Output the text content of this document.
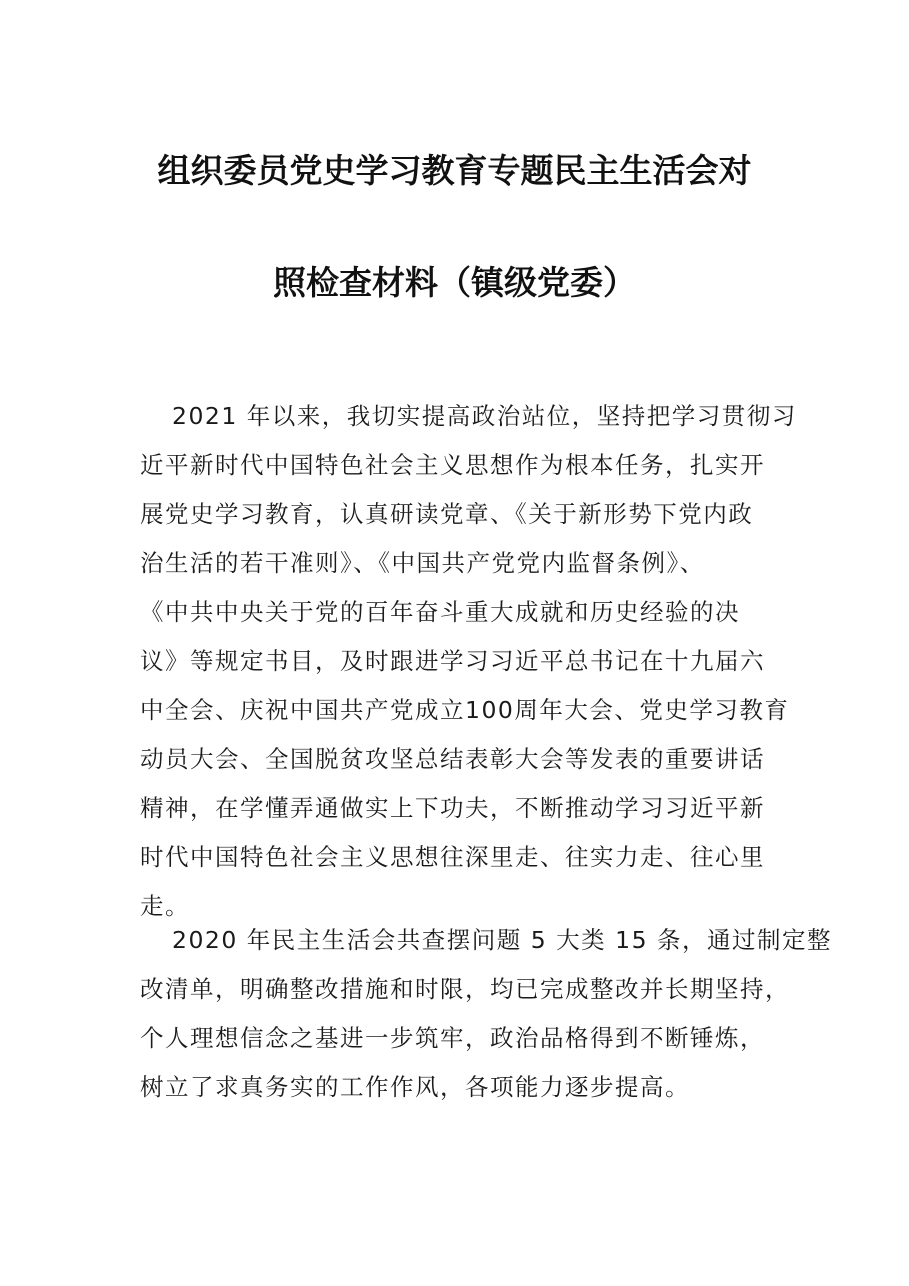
组织委员党史学习教育专题民主生活会对
照检查材料（镇级党委）
2021 年以来，我切实提高政治站位，坚持把学习贯彻习
近平新时代中国特色社会主义思想作为根本任务，扎实开
展党史学习教育，认真研读党章、《关于新形势下党内政
治生活的若干准则》、《中国共产党党内监督条例》、
《中共中央关于党的百年奋斗重大成就和历史经验的决
议》等规定书目，及时跟进学习习近平总书记在十九届六
中全会、庆祝中国共产党成立100周年大会、党史学习教育
动员大会、全国脱贫攻坚总结表彰大会等发表的重要讲话
精神，在学懂弄通做实上下功夫，不断推动学习习近平新
时代中国特色社会主义思想往深里走、往实力走、往心里
走。
2020 年民主生活会共查摆问题 5 大类 15 条，通过制定整
改清单，明确整改措施和时限，均已完成整改并长期坚持，
个人理想信念之基进一步筑牢，政治品格得到不断锤炼，
树立了求真务实的工作作风，各项能力逐步提高。
